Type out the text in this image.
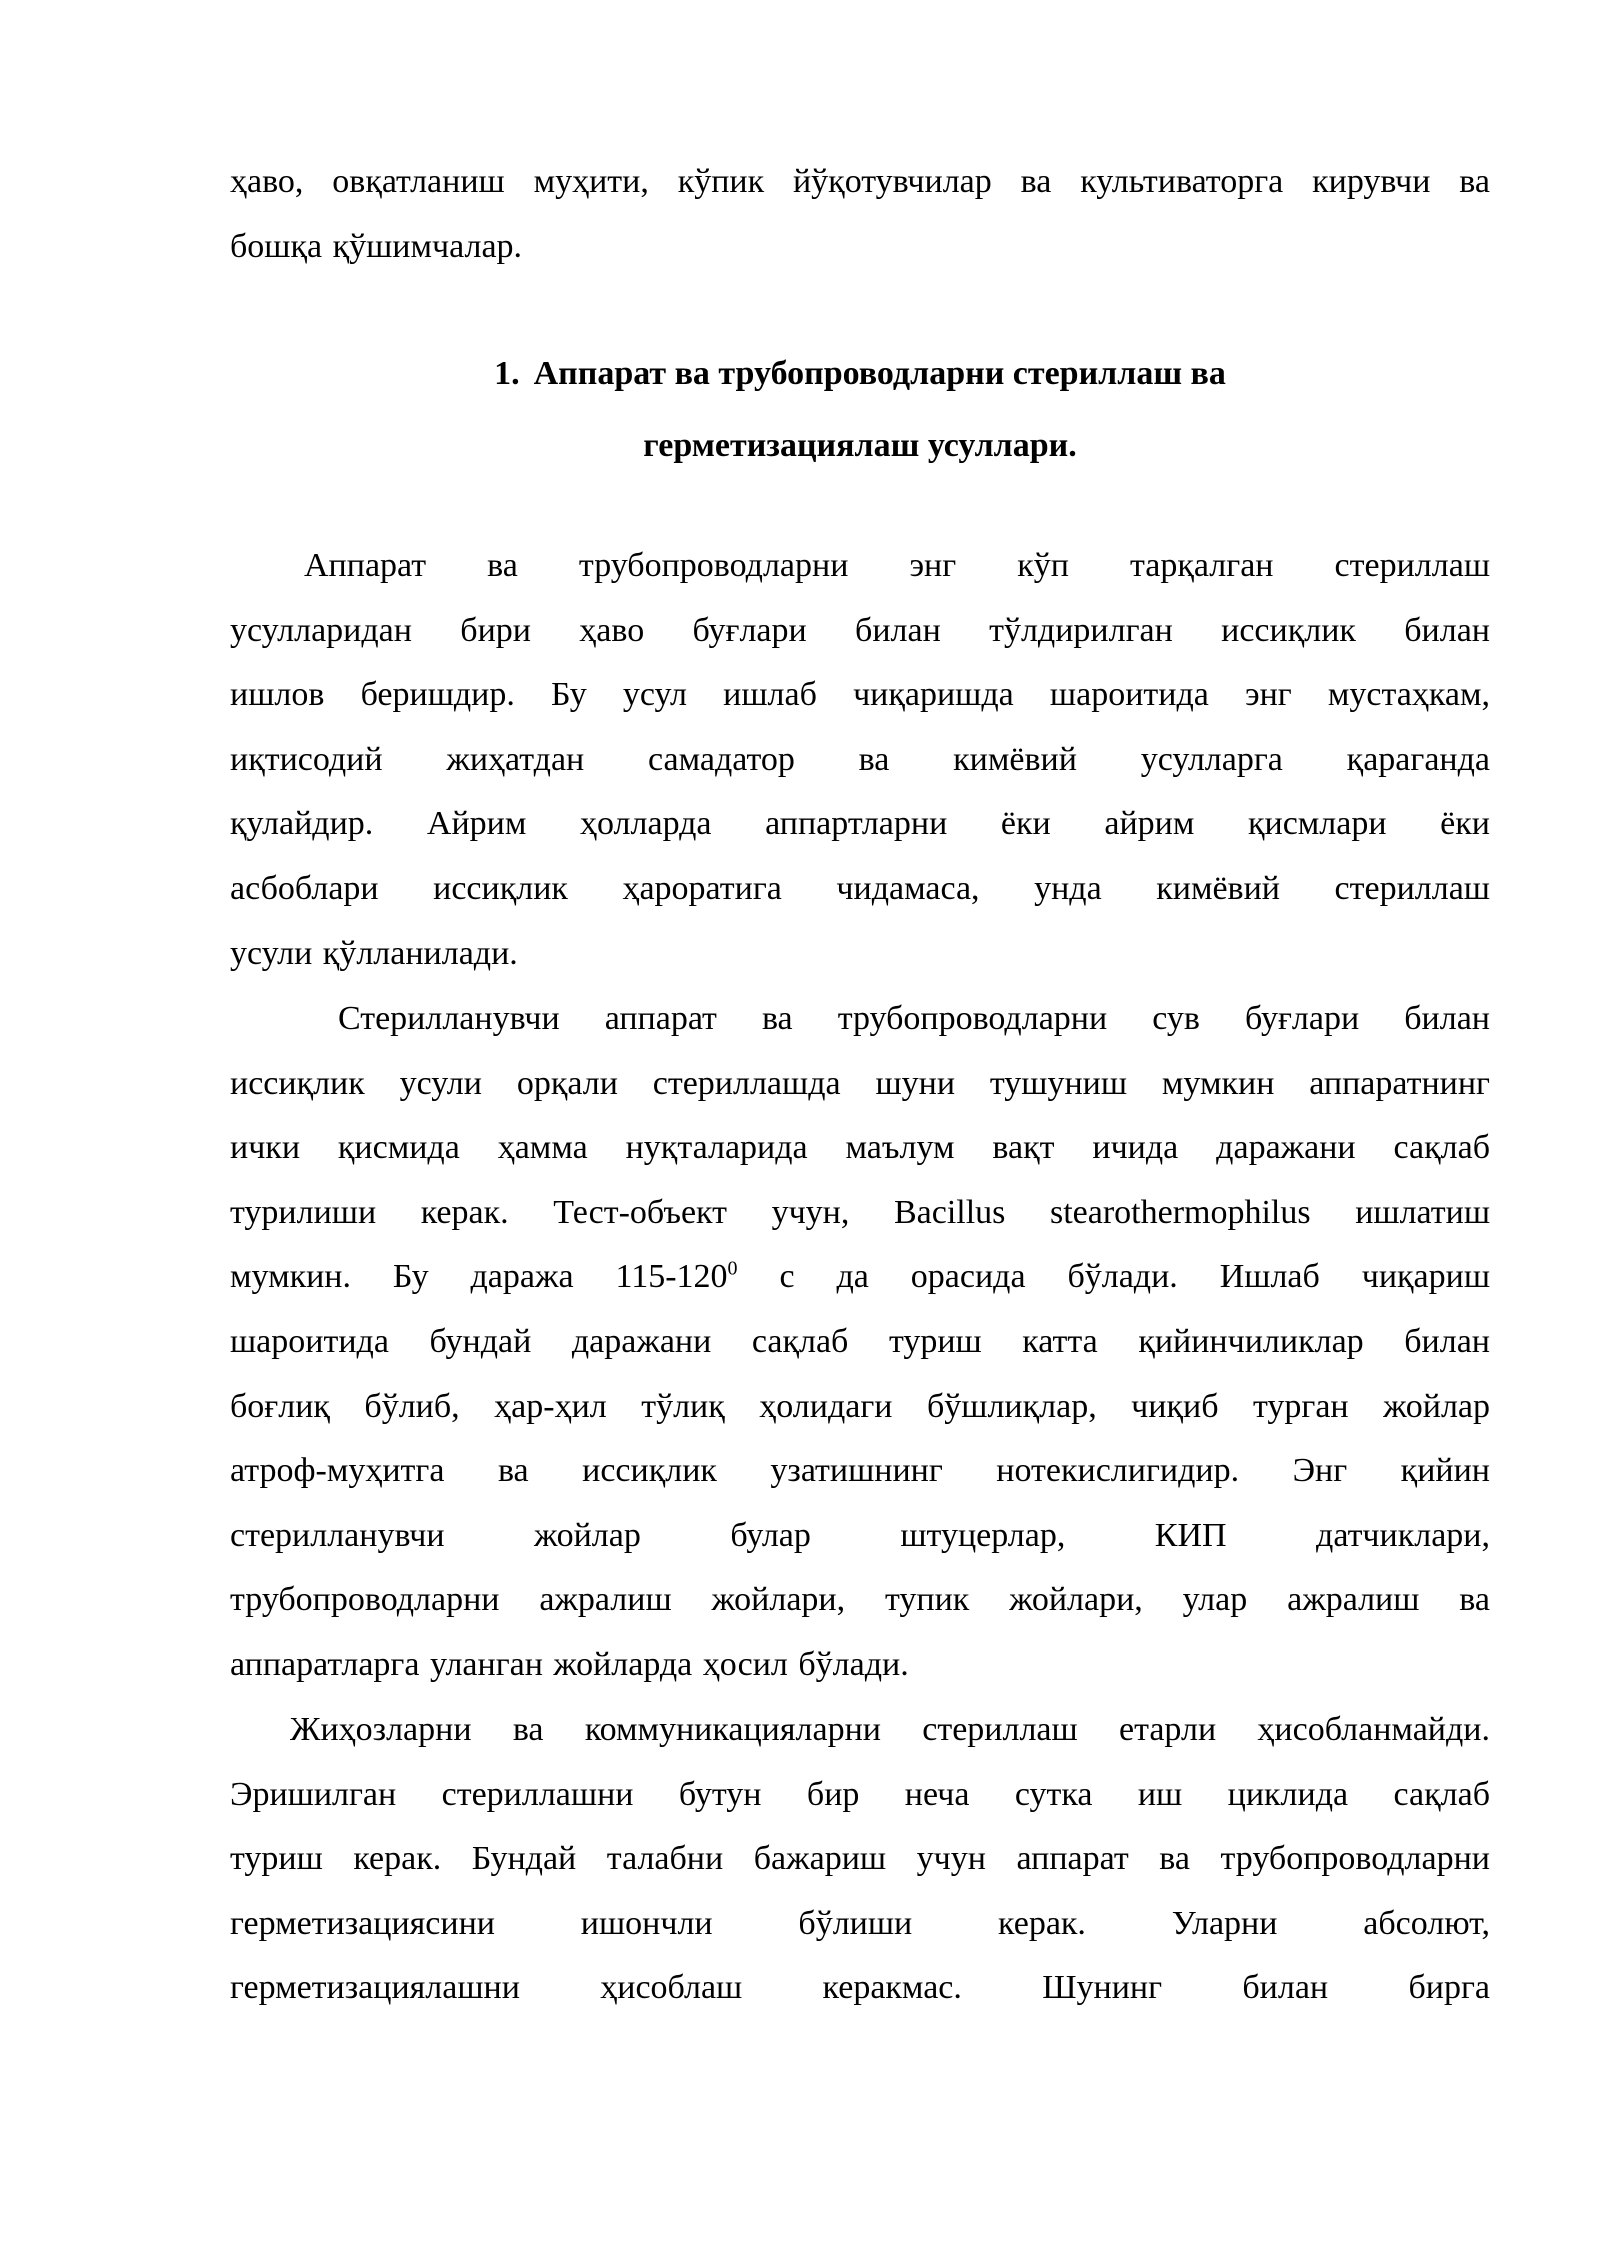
ҳаво, овқатланиш муҳити, кўпик йўқотувчилар ва культиваторга кирувчи ва
бошқа қўшимчалар.
1. Аппарат ва трубопроводларни стериллаш ва
герметизациялаш усуллари.
Аппарат ва трубопроводларни энг кўп тарқалган стериллаш
усулларидан бири ҳаво буғлари билан тўлдирилган иссиқлик билан
ишлов беришдир. Бу усул ишлаб чиқаришда шароитида энг мустаҳкам,
иқтисодий жиҳатдан самадатор ва кимёвий усулларга қараганда
қулайдир. Айрим ҳолларда аппартларни ёки айрим қисмлари ёки
асбоблари иссиқлик ҳароратига чидамаса, унда кимёвий стериллаш
усули қўлланилади.
Стерилланувчи аппарат ва трубопроводларни сув буғлари билан
иссиқлик усули орқали стериллашда шуни тушуниш мумкин аппаратнинг
ички қисмида ҳамма нуқталарида маълум вақт ичида даражани сақлаб
турилиши керак. Тест-объект учун, Bacillus stearothermophilus ишлатиш
мумкин. Бу даража $115-120^0$ с да орасида бўлади. Ишлаб чиқариш
шароитида бундай даражани сақлаб туриш катта қийинчиликлар билан
боғлиқ бўлиб, ҳар-ҳил тўлиқ ҳолидаги бўшлиқлар, чиқиб турган жойлар
атроф-муҳитга ва иссиқлик узатишнинг нотекислигидир. Энг қийин
стерилланувчи жойлар булар штуцерлар, КИП датчиклари,
трубопроводларни ажралиш жойлари, тупик жойлари, улар ажралиш ва
аппаратларга уланган жойларда ҳосил бўлади.
Жиҳозларни ва коммуникацияларни стериллаш етарли ҳисобланмайди.
Эришилган стериллашни бутун бир неча сутка иш циклида сақлаб
туриш керак. Бундай талабни бажариш учун аппарат ва трубопроводларни
герметизациясини ишончли бўлиши керак. Уларни абсолют,
герметизациялашни ҳисоблаш керакмас. Шунинг билан бирга
